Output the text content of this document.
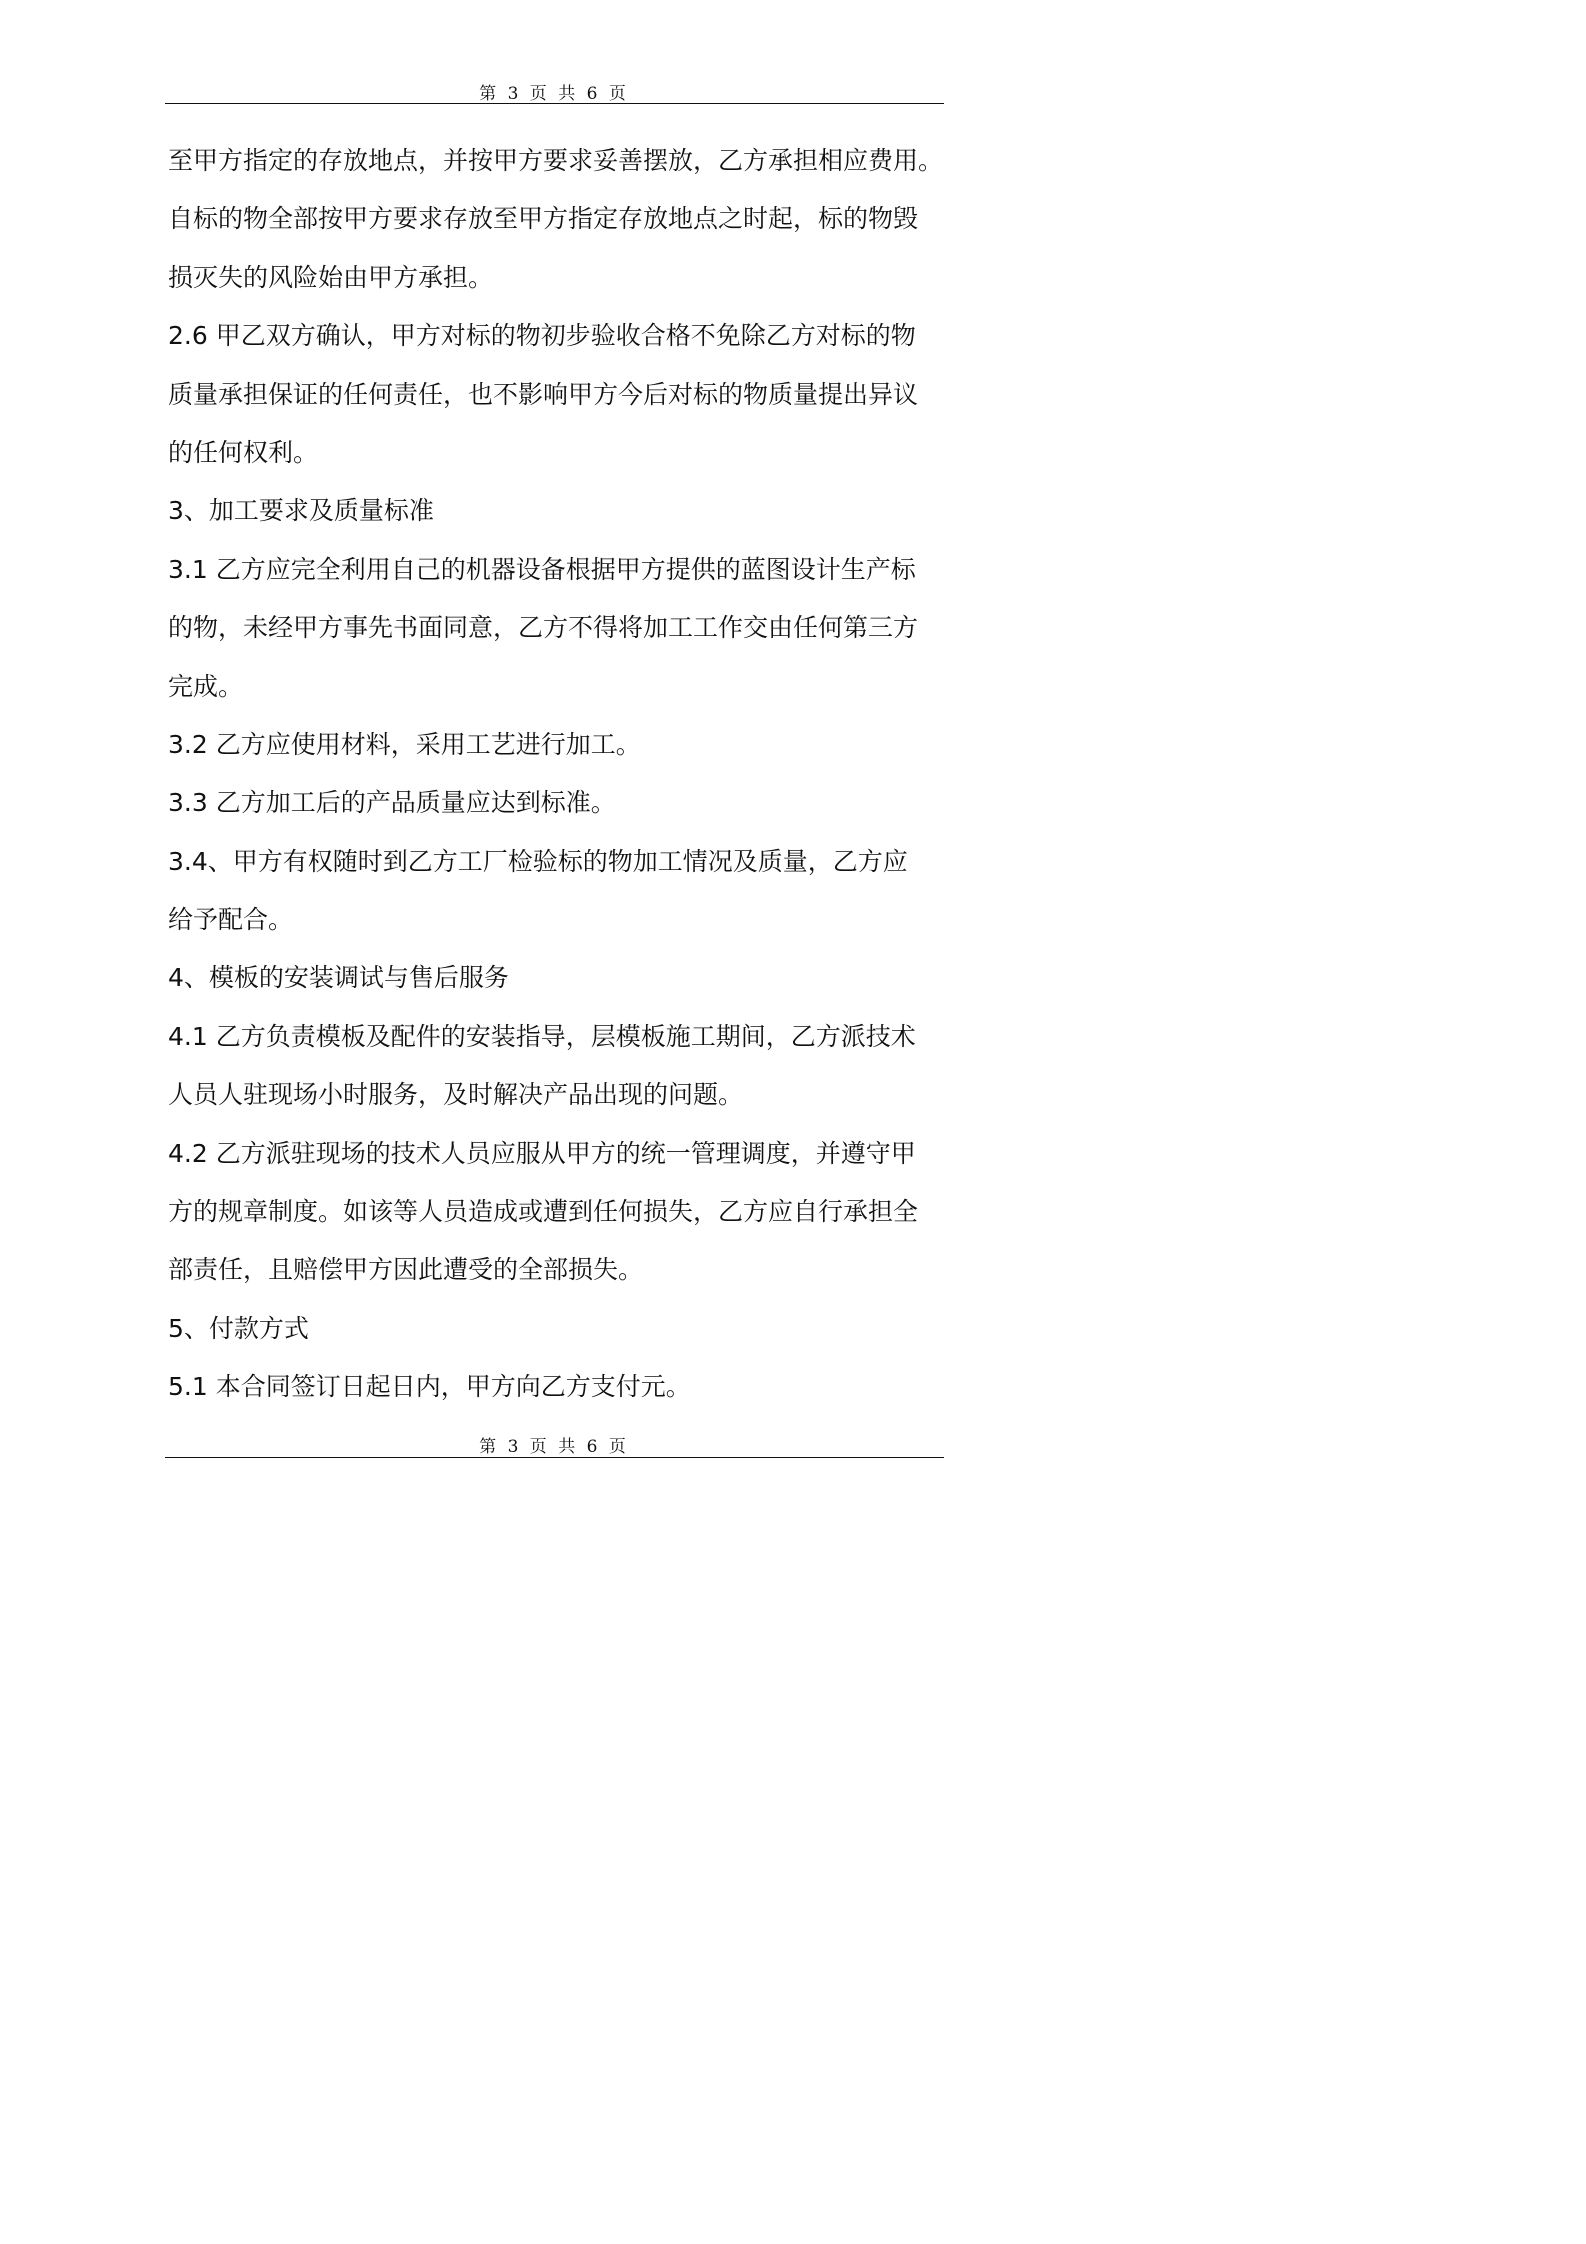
第 3 页 共 6 页
至甲方指定的存放地点，并按甲方要求妥善摆放，乙方承担相应费用。
自标的物全部按甲方要求存放至甲方指定存放地点之时起，标的物毁
损灭失的风险始由甲方承担。
2.6 甲乙双方确认，甲方对标的物初步验收合格不免除乙方对标的物
质量承担保证的任何责任，也不影响甲方今后对标的物质量提出异议
的任何权利。
3、加工要求及质量标准
3.1 乙方应完全利用自己的机器设备根据甲方提供的蓝图设计生产标
的物，未经甲方事先书面同意，乙方不得将加工工作交由任何第三方
完成。
3.2 乙方应使用材料，采用工艺进行加工。
3.3 乙方加工后的产品质量应达到标准。
3.4、甲方有权随时到乙方工厂检验标的物加工情况及质量，乙方应
给予配合。
4、模板的安装调试与售后服务
4.1 乙方负责模板及配件的安装指导，层模板施工期间，乙方派技术
人员人驻现场小时服务，及时解决产品出现的问题。
4.2 乙方派驻现场的技术人员应服从甲方的统一管理调度，并遵守甲
方的规章制度。如该等人员造成或遭到任何损失，乙方应自行承担全
部责任，且赔偿甲方因此遭受的全部损失。
5、付款方式
5.1 本合同签订日起日内，甲方向乙方支付元。
第 3 页 共 6 页
